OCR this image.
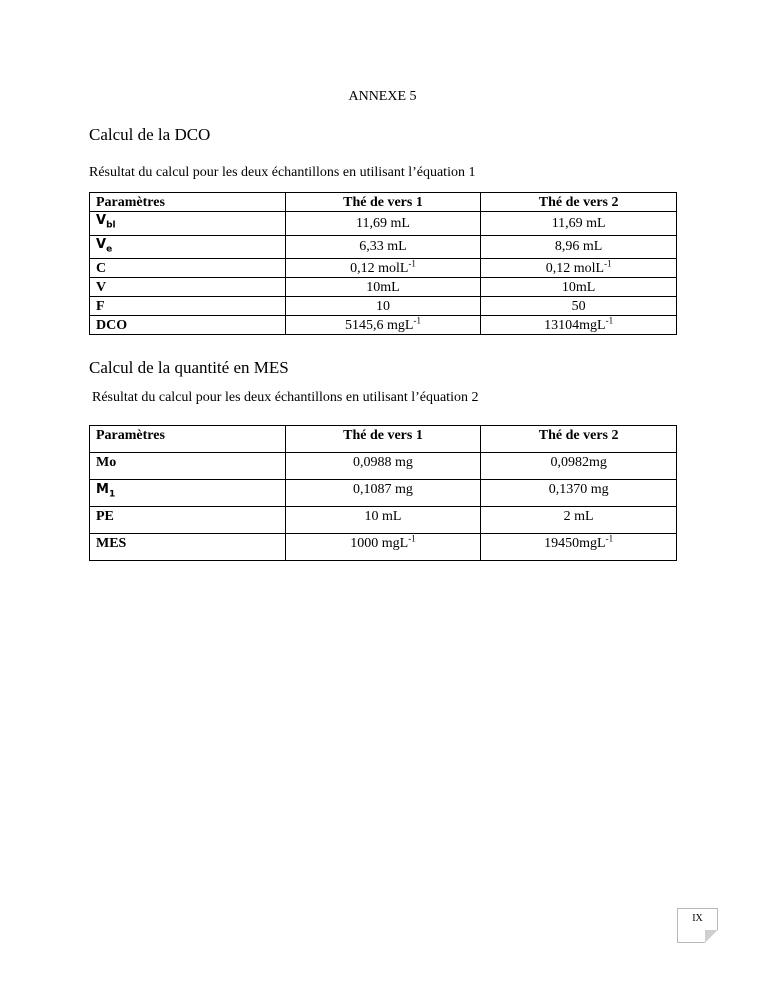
ANNEXE 5
Calcul de la DCO
Résultat du calcul pour les deux échantillons en utilisant l’équation 1
Paramètres	Thé de vers 1	Thé de vers 2
$V_{bl}$	11,69 mL	11,69 mL
$V_e$	6,33 mL	8,96 mL
C	0,12 molL$^{-1}$	0,12 molL$^{-1}$
V	10mL	10mL
F	10	50
DCO	5145,6 mgL$^{-1}$	13104mgL$^{-1}$
Calcul de la quantité en MES
Résultat du calcul pour les deux échantillons en utilisant l’équation 2
Paramètres	Thé de vers 1	Thé de vers 2
Mo	0,0988 mg	0,0982mg
$M_1$	0,1087 mg	0,1370 mg
PE	10 mL	2 mL
MES	1000 mgL$^{-1}$	19450mgL$^{-1}$
IX
